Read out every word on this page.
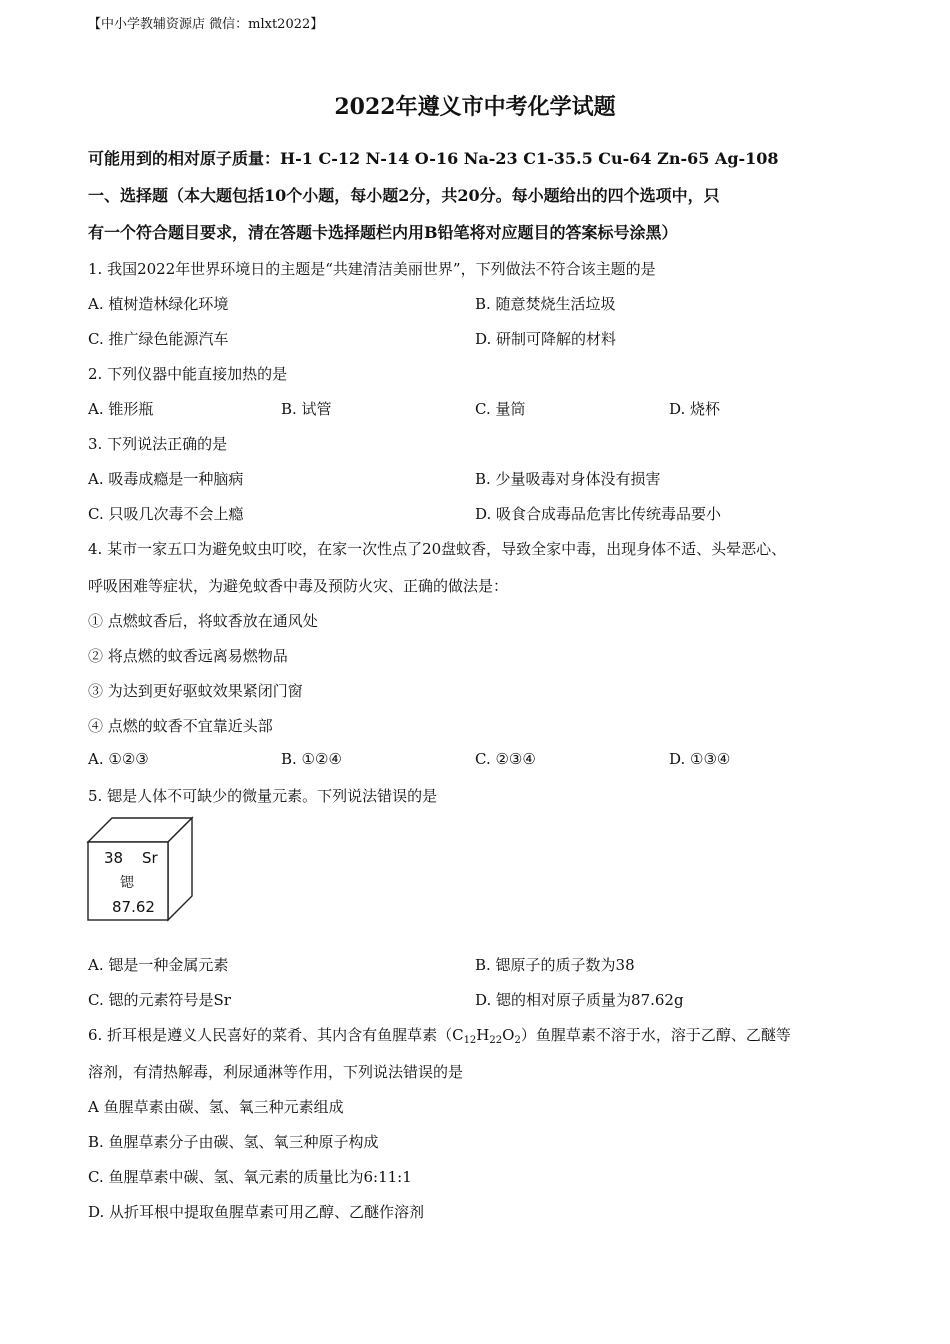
【中小学教辅资源店 微信：mlxt2022】
2022年遵义市中考化学试题
可能用到的相对原子质量：H-1 C-12 N-14 O-16 Na-23 C1-35.5 Cu-64 Zn-65 Ag-108
一、选择题（本大题包括10个小题，每小题2分，共20分。每小题给出的四个选项中，只
有一个符合题目要求，清在答题卡选择题栏内用B铅笔将对应题目的答案标号涂黑）
1. 我国2022年世界环境日的主题是“共建清洁美丽世界”，下列做法不符合该主题的是
A. 植树造林绿化环境	B. 随意焚烧生活垃圾
C. 推广绿色能源汽车	D. 研制可降解的材料
2. 下列仪器中能直接加热的是
A. 锥形瓶	B. 试管	C. 量筒	D. 烧杯
3. 下列说法正确的是
A. 吸毒成瘾是一种脑病	B. 少量吸毒对身体没有损害
C. 只吸几次毒不会上瘾	D. 吸食合成毒品危害比传统毒品要小
4. 某市一家五口为避免蚊虫叮咬，在家一次性点了20盘蚊香，导致全家中毒，出现身体不适、头晕恶心、
呼吸困难等症状，为避免蚊香中毒及预防火灾、正确的做法是：
① 点燃蚊香后，将蚊香放在通风处
② 将点燃的蚊香远离易燃物品
③ 为达到更好驱蚊效果紧闭门窗
④ 点燃的蚊香不宜靠近头部
A. ①②③	B. ①②④	C. ②③④	D. ①③④
5. 锶是人体不可缺少的微量元素。下列说法错误的是
38 Sr
锶
87.62
A. 锶是一种金属元素	B. 锶原子的质子数为38
C. 锶的元素符号是Sr	D. 锶的相对原子质量为87.62g
6. 折耳根是遵义人民喜好的菜肴、其内含有鱼腥草素$(C_{12}H_{22}O_2)$鱼腥草素不溶于水，溶于乙醇、乙醚等
溶剂，有清热解毒，利尿通淋等作用，下列说法错误的是
A 鱼腥草素由碳、氢、氧三种元素组成
B. 鱼腥草素分子由碳、氢、氧三种原子构成
C. 鱼腥草素中碳、氢、氧元素的质量比为6:11:1
D. 从折耳根中提取鱼腥草素可用乙醇、乙醚作溶剂
